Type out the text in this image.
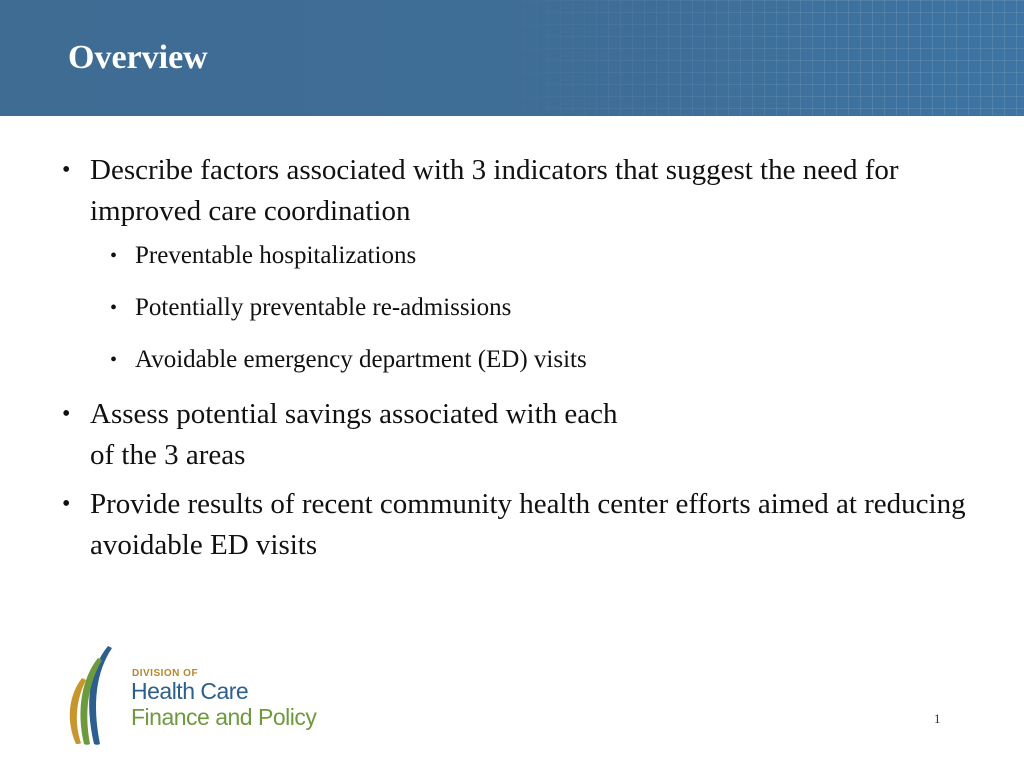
Overview
• Describe factors associated with 3 indicators that suggest the need for improved care coordination
• Preventable hospitalizations
• Potentially preventable re-admissions
• Avoidable emergency department (ED) visits
• Assess potential savings associated with each
of the 3 areas
• Provide results of recent community health center efforts aimed at reducing avoidable ED visits
DIVISION OF
Health Care
Finance and Policy	1
